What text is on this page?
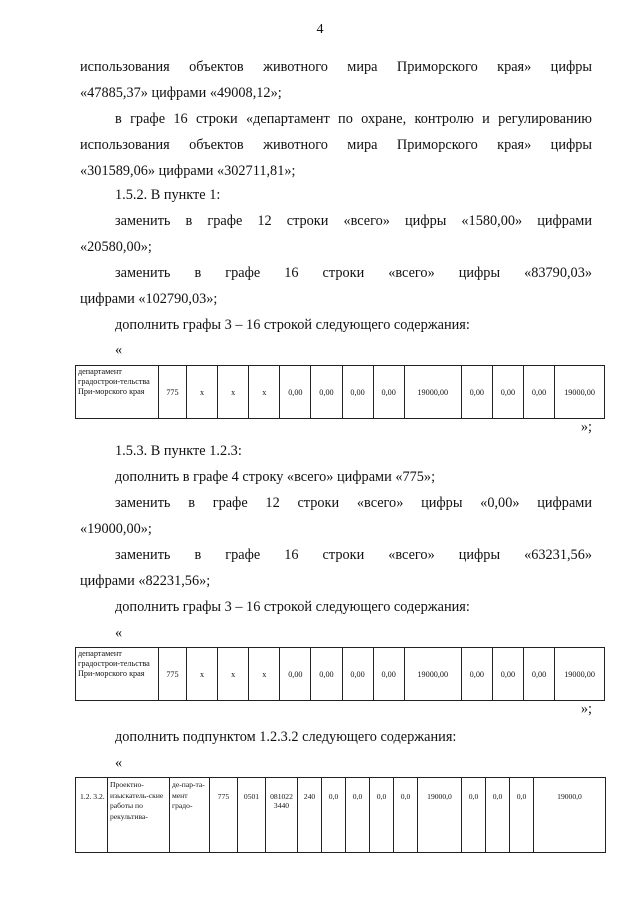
4
использования объектов животного мира Приморского края» цифры
«47885,37» цифрами «49008,12»;
в графе 16 строки «департамент по охране, контролю и регулированию
использования объектов животного мира Приморского края» цифры
«301589,06» цифрами «302711,81»;
1.5.2. В пункте 1:
заменить в графе 12 строки «всего» цифры «1580,00» цифрами
«20580,00»;
заменить в графе 16 строки «всего» цифры «83790,03»
цифрами «102790,03»;
дополнить графы 3 – 16 строкой следующего содержания:
«
департамент градострои-тельства При-морского края	775	x	x	x	0,00	0,00	0,00	0,00	19000,00	0,00	0,00	0,00	19000,00
»;
1.5.3. В пункте 1.2.3:
дополнить в графе 4 строку «всего» цифрами «775»;
заменить в графе 12 строки «всего» цифры «0,00» цифрами
«19000,00»;
заменить в графе 16 строки «всего» цифры «63231,56»
цифрами «82231,56»;
дополнить графы 3 – 16 строкой следующего содержания:
«
департамент градострои-тельства При-морского края	775	x	x	x	0,00	0,00	0,00	0,00	19000,00	0,00	0,00	0,00	19000,00
»;
дополнить подпунктом 1.2.3.2 следующего содержания:
«
1.2. 3.2.	Проектно-изыскатель-ские работы по рекультива-	де-пар-та-мент градо-	775	0501	081022 3440	240	0,0	0,0	0,0	0,0	19000,0	0,0	0,0	0,0	19000,0
